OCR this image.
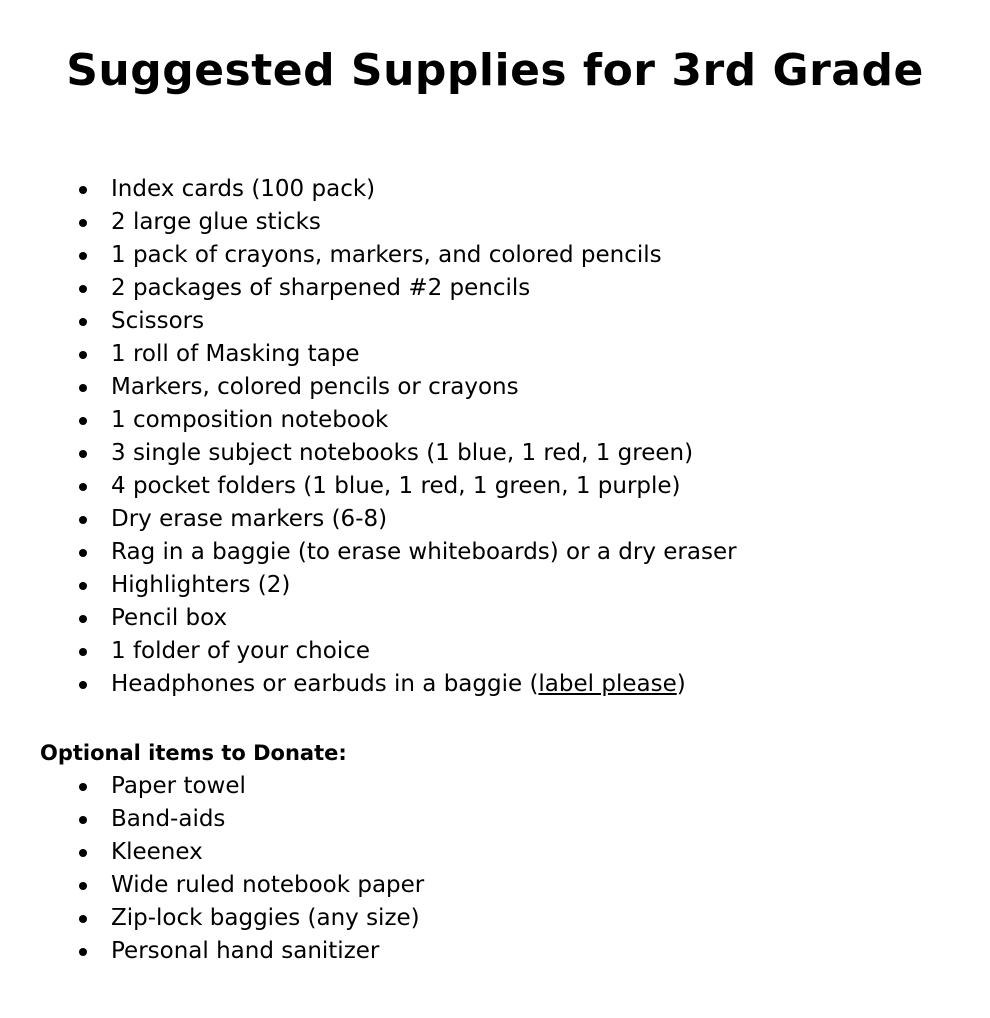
Suggested Supplies for 3rd Grade
Index cards (100 pack)
2 large glue sticks
1 pack of crayons, markers, and colored pencils
2 packages of sharpened #2 pencils
Scissors
1 roll of Masking tape
Markers, colored pencils or crayons
1 composition notebook
3 single subject notebooks (1 blue, 1 red, 1 green)
4 pocket folders (1 blue, 1 red, 1 green, 1 purple)
Dry erase markers (6-8)
Rag in a baggie (to erase whiteboards) or a dry eraser
Highlighters (2)
Pencil box
1 folder of your choice
Headphones or earbuds in a baggie (label please)
Optional items to Donate:
Paper towel
Band-aids
Kleenex
Wide ruled notebook paper
Zip-lock baggies (any size)
Personal hand sanitizer
